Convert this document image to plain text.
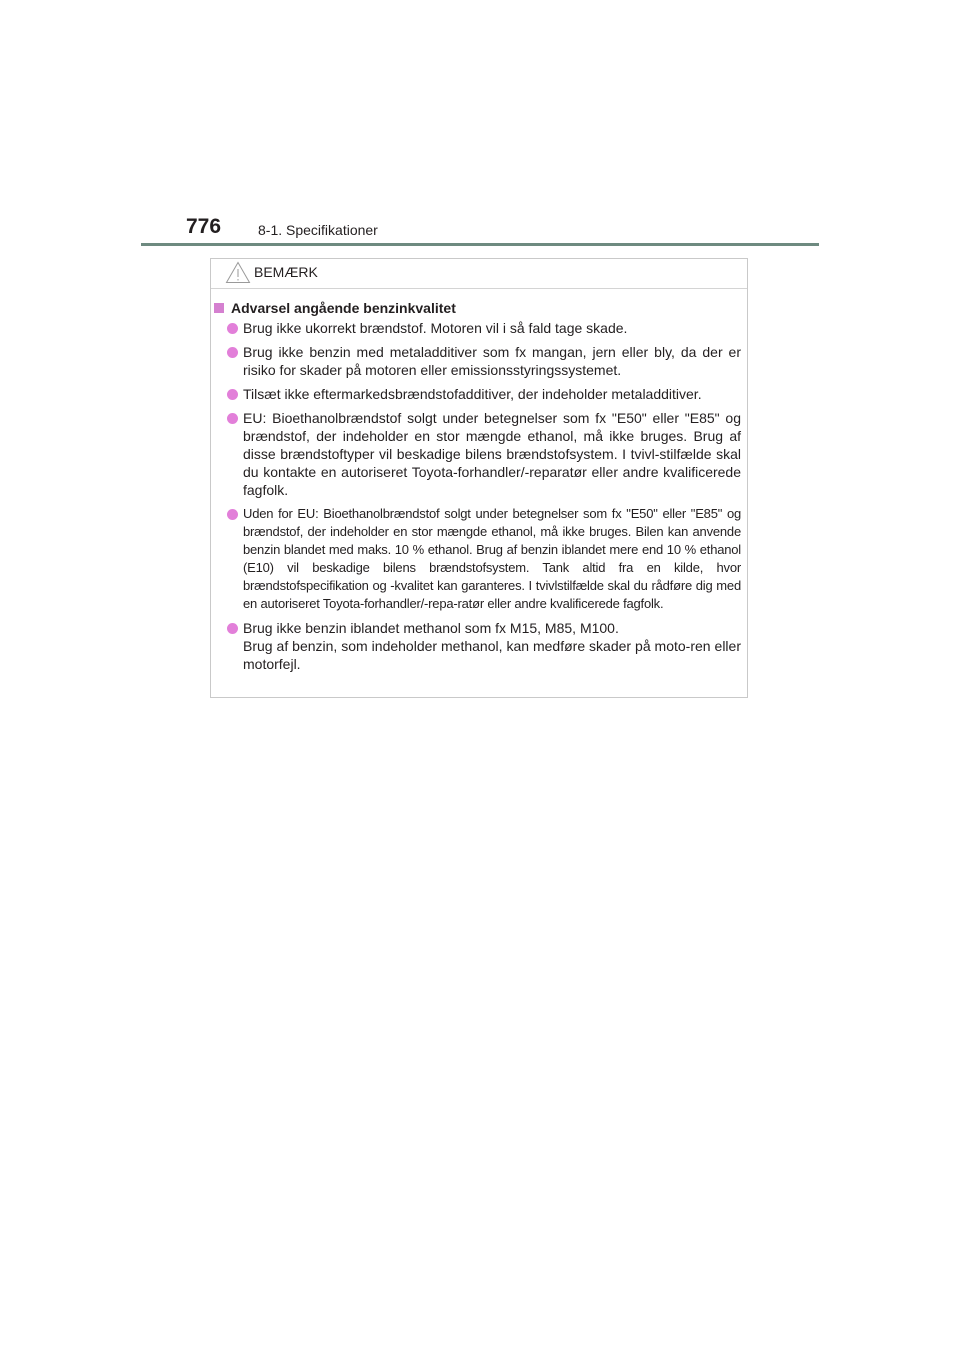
776	8-1. Specifikationer
BEMÆRK
Advarsel angående benzinkvalitet
Brug ikke ukorrekt brændstof. Motoren vil i så fald tage skade.
Brug ikke benzin med metaladditiver som fx mangan, jern eller bly, da der er risiko for skader på motoren eller emissionsstyringssystemet.
Tilsæt ikke eftermarkedsbrændstofadditiver, der indeholder metaladditiver.
EU: Bioethanolbrændstof solgt under betegnelser som fx "E50" eller "E85" og brændstof, der indeholder en stor mængde ethanol, må ikke bruges. Brug af disse brændstoftyper vil beskadige bilens brændstofsystem. I tvivl-stilfælde skal du kontakte en autoriseret Toyota-forhandler/-reparatør eller andre kvalificerede fagfolk.
Uden for EU: Bioethanolbrændstof solgt under betegnelser som fx "E50" eller "E85" og brændstof, der indeholder en stor mængde ethanol, må ikke bruges. Bilen kan anvende benzin blandet med maks. 10 % ethanol. Brug af benzin iblandet mere end 10 % ethanol (E10) vil beskadige bilens brændstofsystem. Tank altid fra en kilde, hvor brændstofspecifikation og -kvalitet kan garanteres. I tvivlstilfælde skal du rådføre dig med en autoriseret Toyota-forhandler/-repa-ratør eller andre kvalificerede fagfolk.
Brug ikke benzin iblandet methanol som fx M15, M85, M100.
Brug af benzin, som indeholder methanol, kan medføre skader på moto-ren eller motorfejl.
